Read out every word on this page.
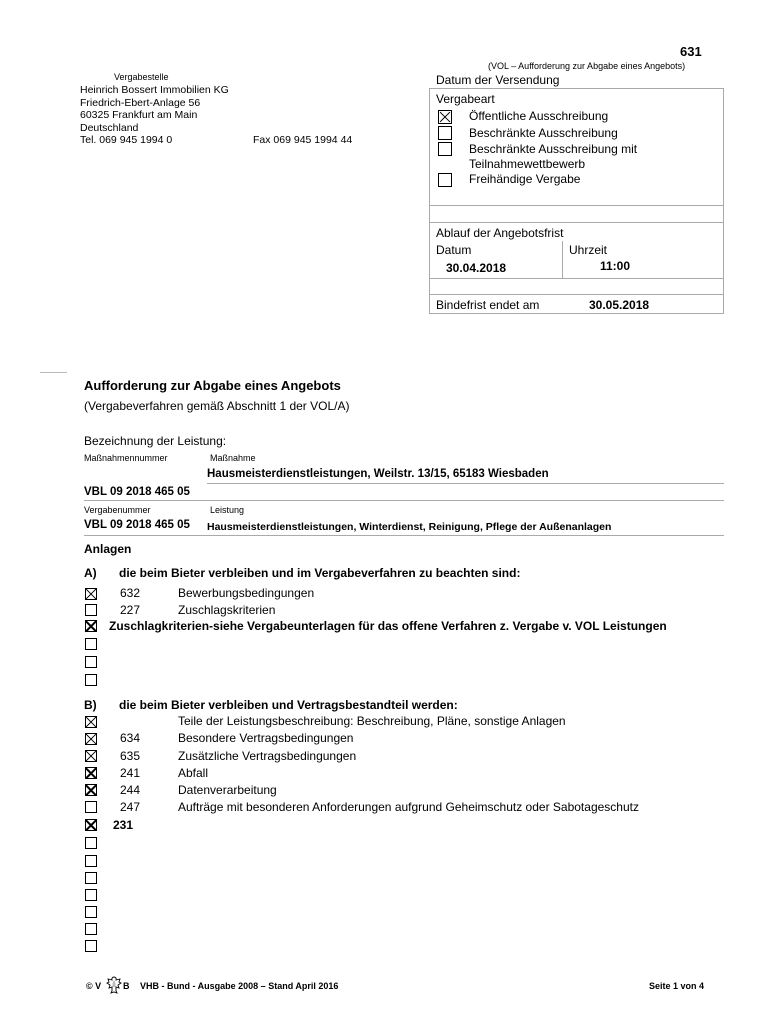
631
(VOL – Aufforderung zur Abgabe eines Angebots)
Vergabestelle
Heinrich Bossert Immobilien KG
Friedrich-Ebert-Anlage 56
60325 Frankfurt am Main
Deutschland
Tel. 069 945 1994 0	Fax 069 945 1994 44
Datum der Versendung
Vergabeart
Öffentliche Ausschreibung
Beschränkte Ausschreibung
Beschränkte Ausschreibung mit
Teilnahmewettbewerb
Freihändige Vergabe
Ablauf der Angebotsfrist
Datum	Uhrzeit
30.04.2018	11:00
Bindefrist endet am	30.05.2018
Aufforderung zur Abgabe eines Angebots
(Vergabeverfahren gemäß Abschnitt 1 der VOL/A)
Bezeichnung der Leistung:
Maßnahmennummer	Maßnahme
Hausmeisterdienstleistungen, Weilstr. 13/15, 65183 Wiesbaden
VBL 09 2018 465 05
Vergabenummer	Leistung
VBL 09 2018 465 05 Hausmeisterdienstleistungen, Winterdienst, Reinigung, Pflege der Außenanlagen
Anlagen
A) die beim Bieter verbleiben und im Vergabeverfahren zu beachten sind:
632	Bewerbungsbedingungen
227	Zuschlagskriterien
Zuschlagkriterien-siehe Vergabeunterlagen für das offene Verfahren z. Vergabe v. VOL Leistungen
B) die beim Bieter verbleiben und Vertragsbestandteil werden:
Teile der Leistungsbeschreibung: Beschreibung, Pläne, sonstige Anlagen
634	Besondere Vertragsbedingungen
635	Zusätzliche Vertragsbedingungen
241	Abfall
244	Datenverarbeitung
247	Aufträge mit besonderen Anforderungen aufgrund Geheimschutz oder Sabotageschutz
231
© V B VHB - Bund - Ausgabe 2008 – Stand April 2016	Seite 1 von 4
